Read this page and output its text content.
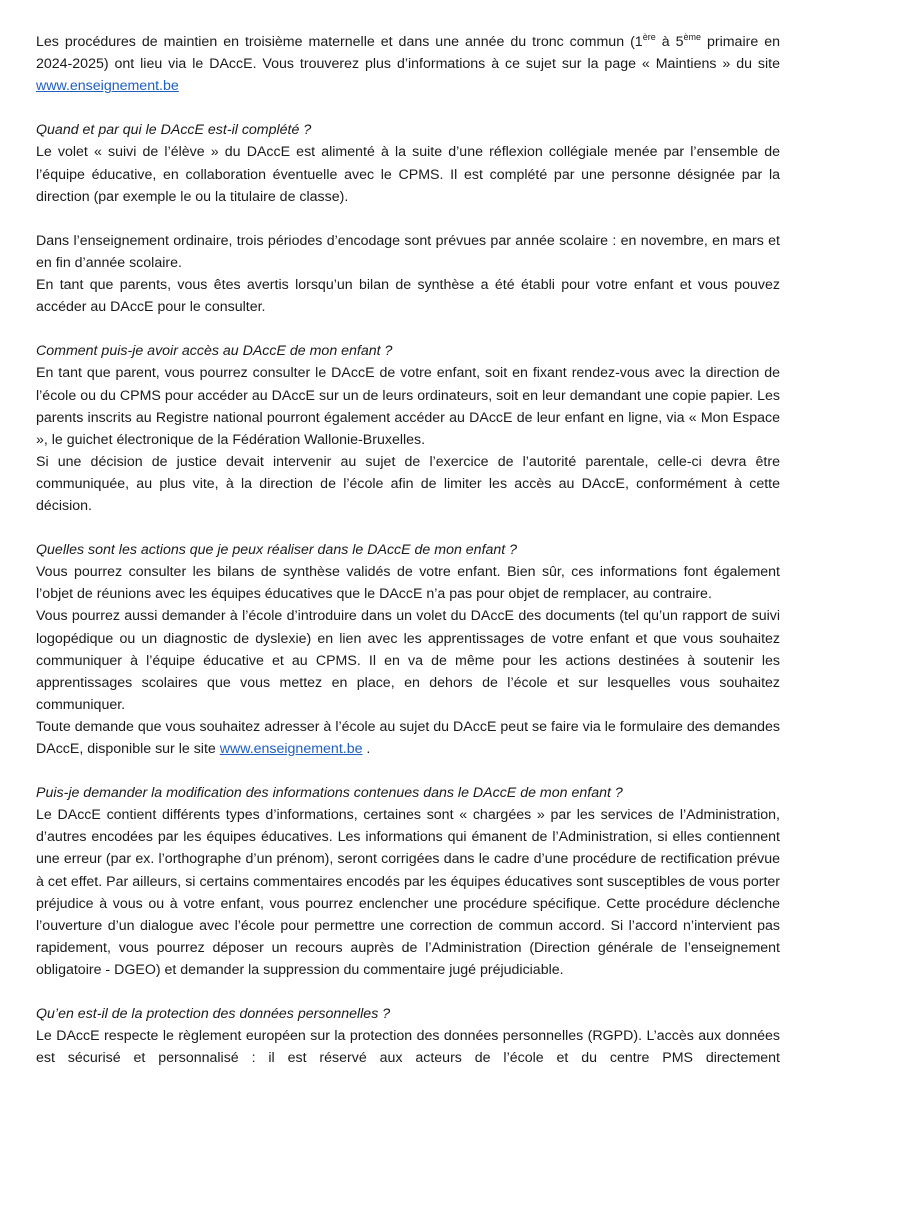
Les procédures de maintien en troisième maternelle et dans une année du tronc commun (1ère à 5ème primaire en 2024-2025) ont lieu via le DAccE. Vous trouverez plus d’informations à ce sujet sur la page « Maintiens » du site www.enseignement.be

Quand et par qui le DAccE est-il complété ?

Le volet « suivi de l’élève » du DAccE est alimenté à la suite d’une réflexion collégiale menée par l’ensemble de l’équipe éducative, en collaboration éventuelle avec le CPMS. Il est complété par une personne désignée par la direction (par exemple le ou la titulaire de classe).

Dans l’enseignement ordinaire, trois périodes d’encodage sont prévues par année scolaire : en novembre, en mars et en fin d’année scolaire.

En tant que parents, vous êtes avertis lorsqu’un bilan de synthèse a été établi pour votre enfant et vous pouvez accéder au DAccE pour le consulter.

Comment puis-je avoir accès au DAccE de mon enfant ?

En tant que parent, vous pourrez consulter le DAccE de votre enfant, soit en fixant rendez-vous avec la direction de l’école ou du CPMS pour accéder au DAccE sur un de leurs ordinateurs, soit en leur demandant une copie papier. Les parents inscrits au Registre national pourront également accéder au DAccE de leur enfant en ligne, via « Mon Espace », le guichet électronique de la Fédération Wallonie-Bruxelles.

Si une décision de justice devait intervenir au sujet de l’exercice de l’autorité parentale, celle-ci devra être communiquée, au plus vite, à la direction de l’école afin de limiter les accès au DAccE, conformément à cette décision.

Quelles sont les actions que je peux réaliser dans le DAccE de mon enfant ?

Vous pourrez consulter les bilans de synthèse validés de votre enfant. Bien sûr, ces informations font également l’objet de réunions avec les équipes éducatives que le DAccE n’a pas pour objet de remplacer, au contraire.

Vous pourrez aussi demander à l’école d’introduire dans un volet du DAccE des documents (tel qu’un rapport de suivi logopédique ou un diagnostic de dyslexie) en lien avec les apprentissages de votre enfant et que vous souhaitez communiquer à l’équipe éducative et au CPMS. Il en va de même pour les actions destinées à soutenir les apprentissages scolaires que vous mettez en place, en dehors de l’école et sur lesquelles vous souhaitez communiquer.

Toute demande que vous souhaitez adresser à l’école au sujet du DAccE peut se faire via le formulaire des demandes DAccE, disponible sur le site www.enseignement.be .

Puis-je demander la modification des informations contenues dans le DAccE de mon enfant ?

Le DAccE contient différents types d’informations, certaines sont « chargées » par les services de l’Administration, d’autres encodées par les équipes éducatives. Les informations qui émanent de l’Administration, si elles contiennent une erreur (par ex. l’orthographe d’un prénom), seront corrigées dans le cadre d’une procédure de rectification prévue à cet effet. Par ailleurs, si certains commentaires encodés par les équipes éducatives sont susceptibles de vous porter préjudice à vous ou à votre enfant, vous pourrez enclencher une procédure spécifique. Cette procédure déclenche l’ouverture d’un dialogue avec l’école pour permettre une correction de commun accord. Si l’accord n’intervient pas rapidement, vous pourrez déposer un recours auprès de l’Administration (Direction générale de l’enseignement obligatoire - DGEO) et demander la suppression du commentaire jugé préjudiciable.

Qu’en est-il de la protection des données personnelles ?

Le DAccE respecte le règlement européen sur la protection des données personnelles (RGPD). L’accès aux données est sécurisé et personnalisé : il est réservé aux acteurs de l’école et du centre PMS directement
